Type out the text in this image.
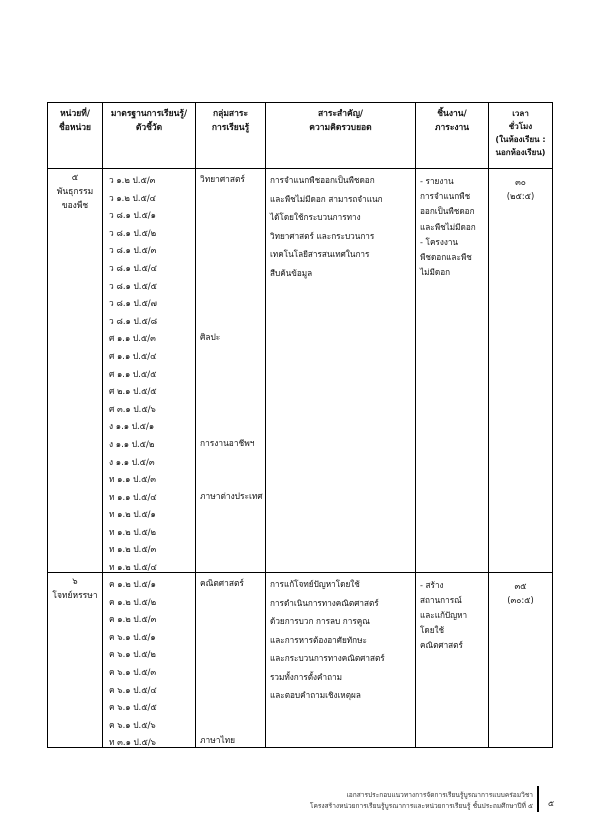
หน่วยที่/
ชื่อหน่วย
มาตรฐานการเรียนรู้/
ตัวชี้วัด
กลุ่มสาระ
การเรียนรู้
สาระสำคัญ/
ความคิดรวบยอด
ชิ้นงาน/
ภาระงาน
เวลา
ชั่วโมง
(ในห้องเรียน :
นอกห้องเรียน)
๕
พันธุกรรม
ของพืช
ว ๑.๒ ป.๕/๓
ว ๑.๒ ป.๕/๔
ว ๘.๑ ป.๕/๑
ว ๘.๑ ป.๕/๒
ว ๘.๑ ป.๕/๓
ว ๘.๑ ป.๕/๔
ว ๘.๑ ป.๕/๕
ว ๘.๑ ป.๕/๗
ว ๘.๑ ป.๕/๘
ศ ๑.๑ ป.๕/๓
ศ ๑.๑ ป.๕/๔
ศ ๑.๑ ป.๕/๕
ศ ๒.๑ ป.๕/๕
ศ ๓.๑ ป.๕/๖
ง ๑.๑ ป.๕/๑
ง ๑.๑ ป.๕/๒
ง ๑.๑ ป.๕/๓
ท ๑.๑ ป.๕/๓
ท ๑.๑ ป.๕/๔
ท ๑.๒ ป.๕/๑
ท ๑.๒ ป.๕/๒
ท ๑.๒ ป.๕/๓
ท ๑.๒ ป.๕/๔
วิทยาศาสตร์
ศิลปะ
การงานอาชีพฯ
ภาษาต่างประเทศ
การจำแนกพืชออกเป็นพืชดอก
และพืชไม่มีดอก สามารถจำแนก
ได้โดยใช้กระบวนการทาง
วิทยาศาสตร์ และกระบวนการ
เทคโนโลยีสารสนเทศในการ
สืบค้นข้อมูล
- รายงาน
การจำแนกพืช
ออกเป็นพืชดอก
และพืชไม่มีดอก
- โครงงาน
พืชดอกและพืช
ไม่มีดอก
๓๐
(๒๕:๕)
๖
โจทย์หรรษา
ค ๑.๒ ป.๕/๑
ค ๑.๒ ป.๕/๒
ค ๑.๒ ป.๕/๓
ค ๖.๑ ป.๕/๑
ค ๖.๑ ป.๕/๒
ค ๖.๑ ป.๕/๓
ค ๖.๑ ป.๕/๔
ค ๖.๑ ป.๕/๕
ค ๖.๑ ป.๕/๖
ท ๓.๑ ป.๕/๖
คณิตศาสตร์
ภาษาไทย
การแก้โจทย์ปัญหาโดยใช้
การดำเนินการทางคณิตศาสตร์
ด้วยการบวก การลบ การคูณ
และการหารต้องอาศัยทักษะ
และกระบวนการทางคณิตศาสตร์
รวมทั้งการตั้งคำถาม
และตอบคำถามเชิงเหตุผล
- สร้างสถานการณ์
และแก้ปัญหา
โดยใช้คณิตศาสตร์
๓๕
(๓๐:๕)
เอกสารประกอบแนวทางการจัดการเรียนรู้บูรณาการแบบคร่อมวิชา
โครงสร้างหน่วยการเรียนรู้บูรณาการและหน่วยการเรียนรู้ ชั้นประถมศึกษาปีที่ ๕ ๕
